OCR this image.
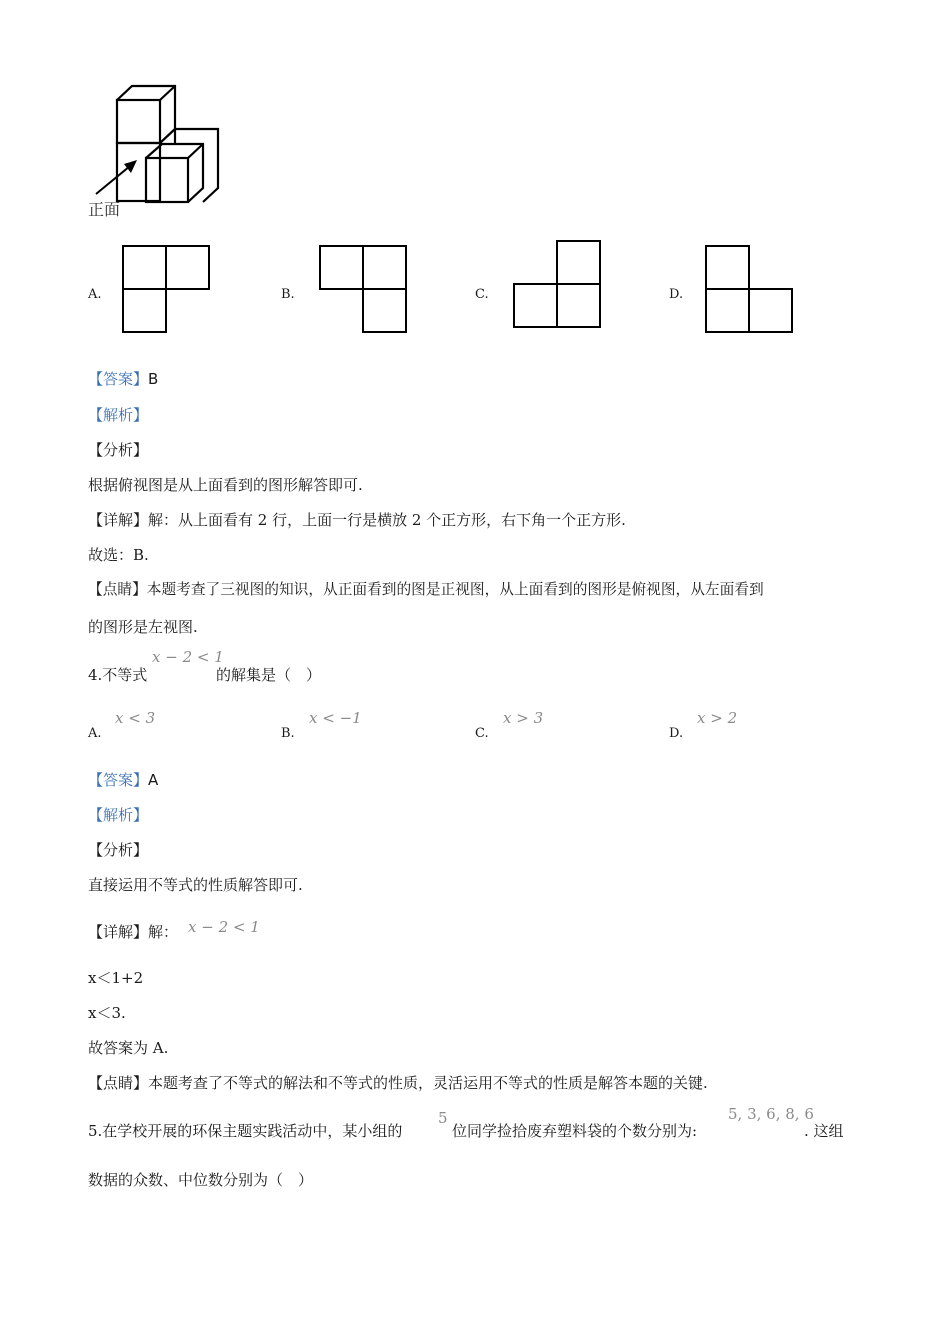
正面
A.	B.	C.	D.
【答案】B
【解析】
【分析】
根据俯视图是从上面看到的图形解答即可.
【详解】解：从上面看有 2 行，上面一行是横放 2 个正方形，右下角一个正方形.
故选：B.
【点睛】本题考查了三视图的知识，从正面看到的图是正视图，从上面看到的图形是俯视图，从左面看到
的图形是左视图.
4.不等式
x − 2 < 1
的解集是（　）
A.
x < 3
B.
x < −1
C.
x > 3
D.
x > 2
【答案】A
【解析】
【分析】
直接运用不等式的性质解答即可.
【详解】解： x − 2 < 1
x＜1+2
x＜3.
故答案为 A.
【点睛】本题考查了不等式的解法和不等式的性质，灵活运用不等式的性质是解答本题的关键.
5.在学校开展的环保主题实践活动中，某小组的
5
位同学捡拾废弃塑料袋的个数分别为:
5, 3, 6, 8, 6
. 这组
数据的众数、中位数分别为（　）
